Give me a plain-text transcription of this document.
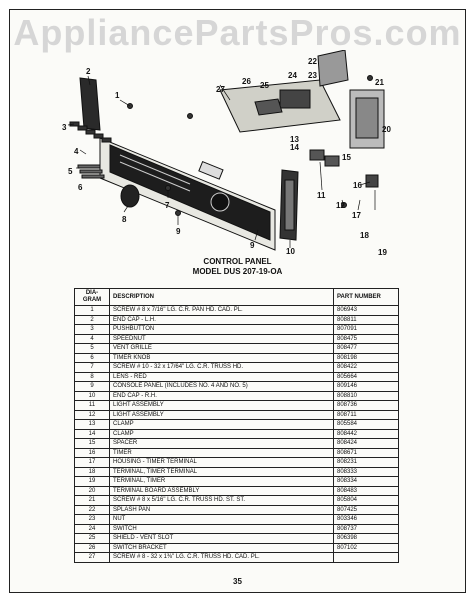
AppliancePartsPros.com
1
2
3
4
5
6
7
8
9
10
11
12
13
14
15
16
17
18
19
20
21
22
23
24
25
26
27
9
CONTROL PANEL
MODEL DUS 207-19-OA
DIA- GRAM	DESCRIPTION	PART NUMBER
1	SCREW # 8 x 7/16" LG. C.R. PAN HD. CAD. PL.	806943
2	END CAP - L.H.	808811
3	PUSHBUTTON	807091
4	SPEEDNUT	808475
5	VENT GRILLE	808477
6	TIMER KNOB	808198
7	SCREW # 10 - 32 x 17/64" LG. C.R. TRUSS HD.	808422
8	LENS - RED	805664
9	CONSOLE PANEL (INCLUDES NO. 4 AND NO. 5)	809146
10	END CAP - R.H.	808810
11	LIGHT ASSEMBLY	808736
12	LIGHT ASSEMBLY	808711
13	CLAMP	805584
14	CLAMP	808442
15	SPACER	808424
16	TIMER	808671
17	HOUSING - TIMER TERMINAL	808231
18	TERMINAL, TIMER TERMINAL	808333
19	TERMINAL, TIMER	808334
20	TERMINAL BOARD ASSEMBLY	808483
21	SCREW # 8 x 5/16" LG. C.R. TRUSS HD. ST. ST.	805804
22	SPLASH PAN	807425
23	NUT	803346
24	SWITCH	808737
25	SHIELD - VENT SLOT	806398
26	SWITCH BRACKET	807102
27	SCREW # 8 - 32 x 1⅜" LG. C.R. TRUSS HD. CAD. PL.	
35
